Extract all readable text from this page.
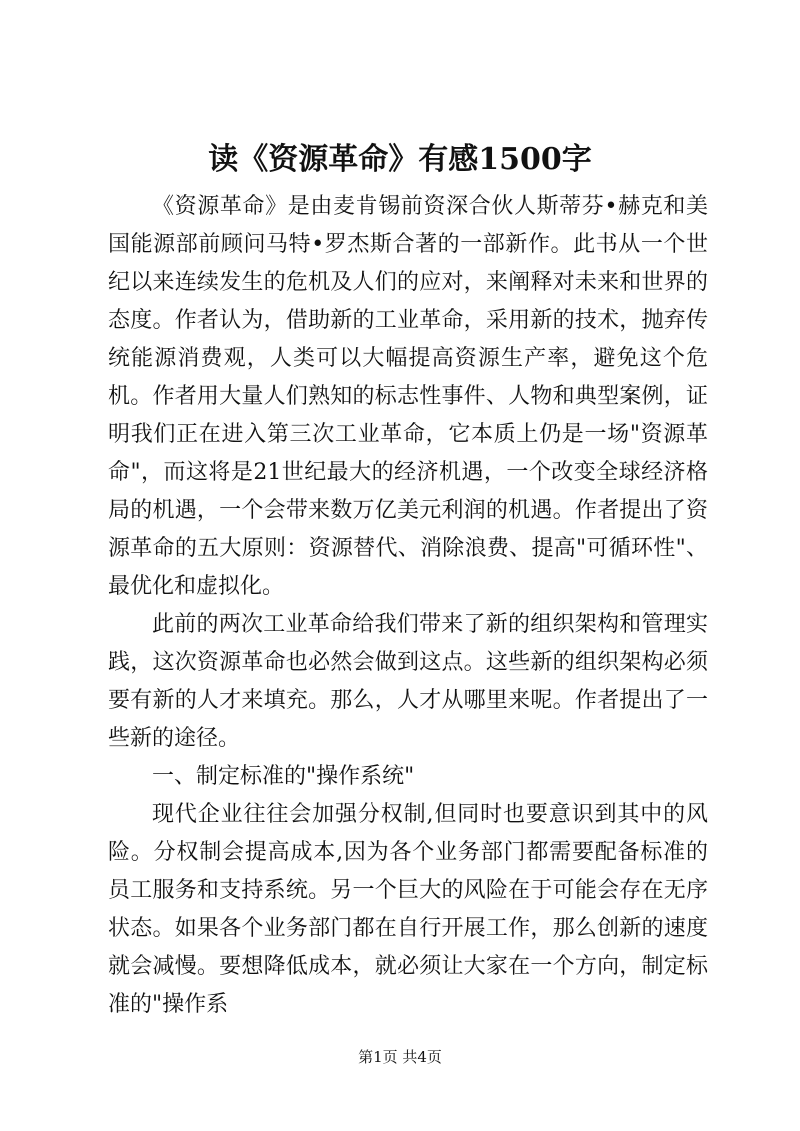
读《资源革命》有感1500字

《资源革命》是由麦肯锡前资深合伙人斯蒂芬•赫克和美国能源部前顾问马特•罗杰斯合著的一部新作。此书从一个世纪以来连续发生的危机及人们的应对，来阐释对未来和世界的态度。作者认为，借助新的工业革命，采用新的技术，抛弃传统能源消费观，人类可以大幅提高资源生产率，避免这个危机。作者用大量人们熟知的标志性事件、人物和典型案例，证明我们正在进入第三次工业革命，它本质上仍是一场"资源革命"，而这将是21世纪最大的经济机遇，一个改变全球经济格局的机遇，一个会带来数万亿美元利润的机遇。作者提出了资源革命的五大原则：资源替代、消除浪费、提高"可循环性"、最优化和虚拟化。

此前的两次工业革命给我们带来了新的组织架构和管理实践，这次资源革命也必然会做到这点。这些新的组织架构必须要有新的人才来填充。那么，人才从哪里来呢。作者提出了一些新的途径。

一、制定标准的"操作系统"

现代企业往往会加强分权制,但同时也要意识到其中的风险。分权制会提高成本,因为各个业务部门都需要配备标准的员工服务和支持系统。另一个巨大的风险在于可能会存在无序状态。如果各个业务部门都在自行开展工作，那么创新的速度就会减慢。要想降低成本，就必须让大家在一个方向，制定标准的"操作系

第1页 共4页
